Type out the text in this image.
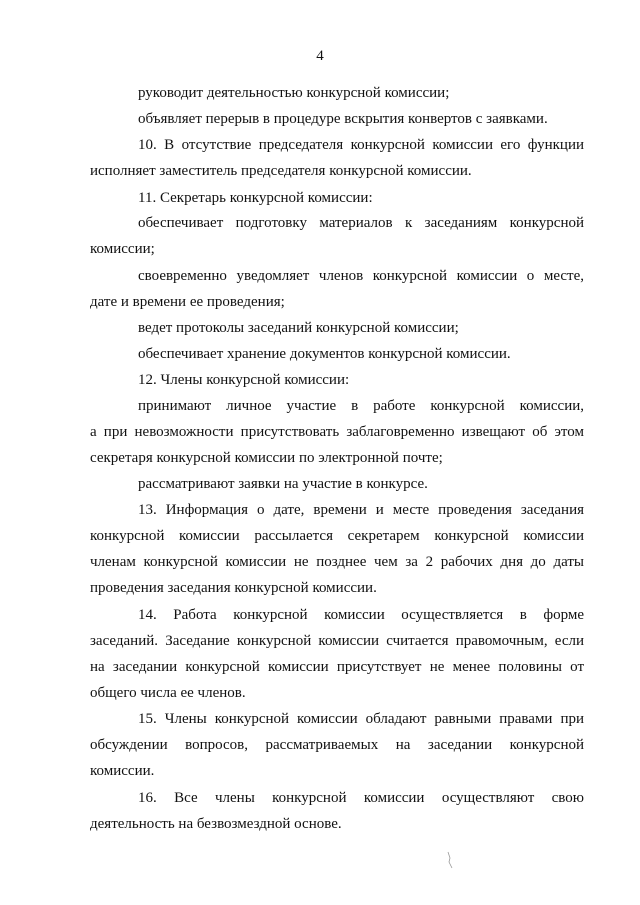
4
руководит деятельностью конкурсной комиссии;
объявляет перерыв в процедуре вскрытия конвертов с заявками.
10. В отсутствие председателя конкурсной комиссии его функции
исполняет заместитель председателя конкурсной комиссии.
11. Секретарь конкурсной комиссии:
обеспечивает подготовку материалов к заседаниям конкурсной
комиссии;
своевременно уведомляет членов конкурсной комиссии о месте,
дате и времени ее проведения;
ведет протоколы заседаний конкурсной комиссии;
обеспечивает хранение документов конкурсной комиссии.
12. Члены конкурсной комиссии:
принимают личное участие в работе конкурсной комиссии,
а при невозможности присутствовать заблаговременно извещают об этом
секретаря конкурсной комиссии по электронной почте;
рассматривают заявки на участие в конкурсе.
13. Информация о дате, времени и месте проведения заседания
конкурсной комиссии рассылается секретарем конкурсной комиссии
членам конкурсной комиссии не позднее чем за 2 рабочих дня до даты
проведения заседания конкурсной комиссии.
14. Работа конкурсной комиссии осуществляется в форме
заседаний. Заседание конкурсной комиссии считается правомочным, если
на заседании конкурсной комиссии присутствует не менее половины от
общего числа ее членов.
15. Члены конкурсной комиссии обладают равными правами при
обсуждении вопросов, рассматриваемых на заседании конкурсной
комиссии.
16. Все члены конкурсной комиссии осуществляют свою
деятельность на безвозмездной основе.
